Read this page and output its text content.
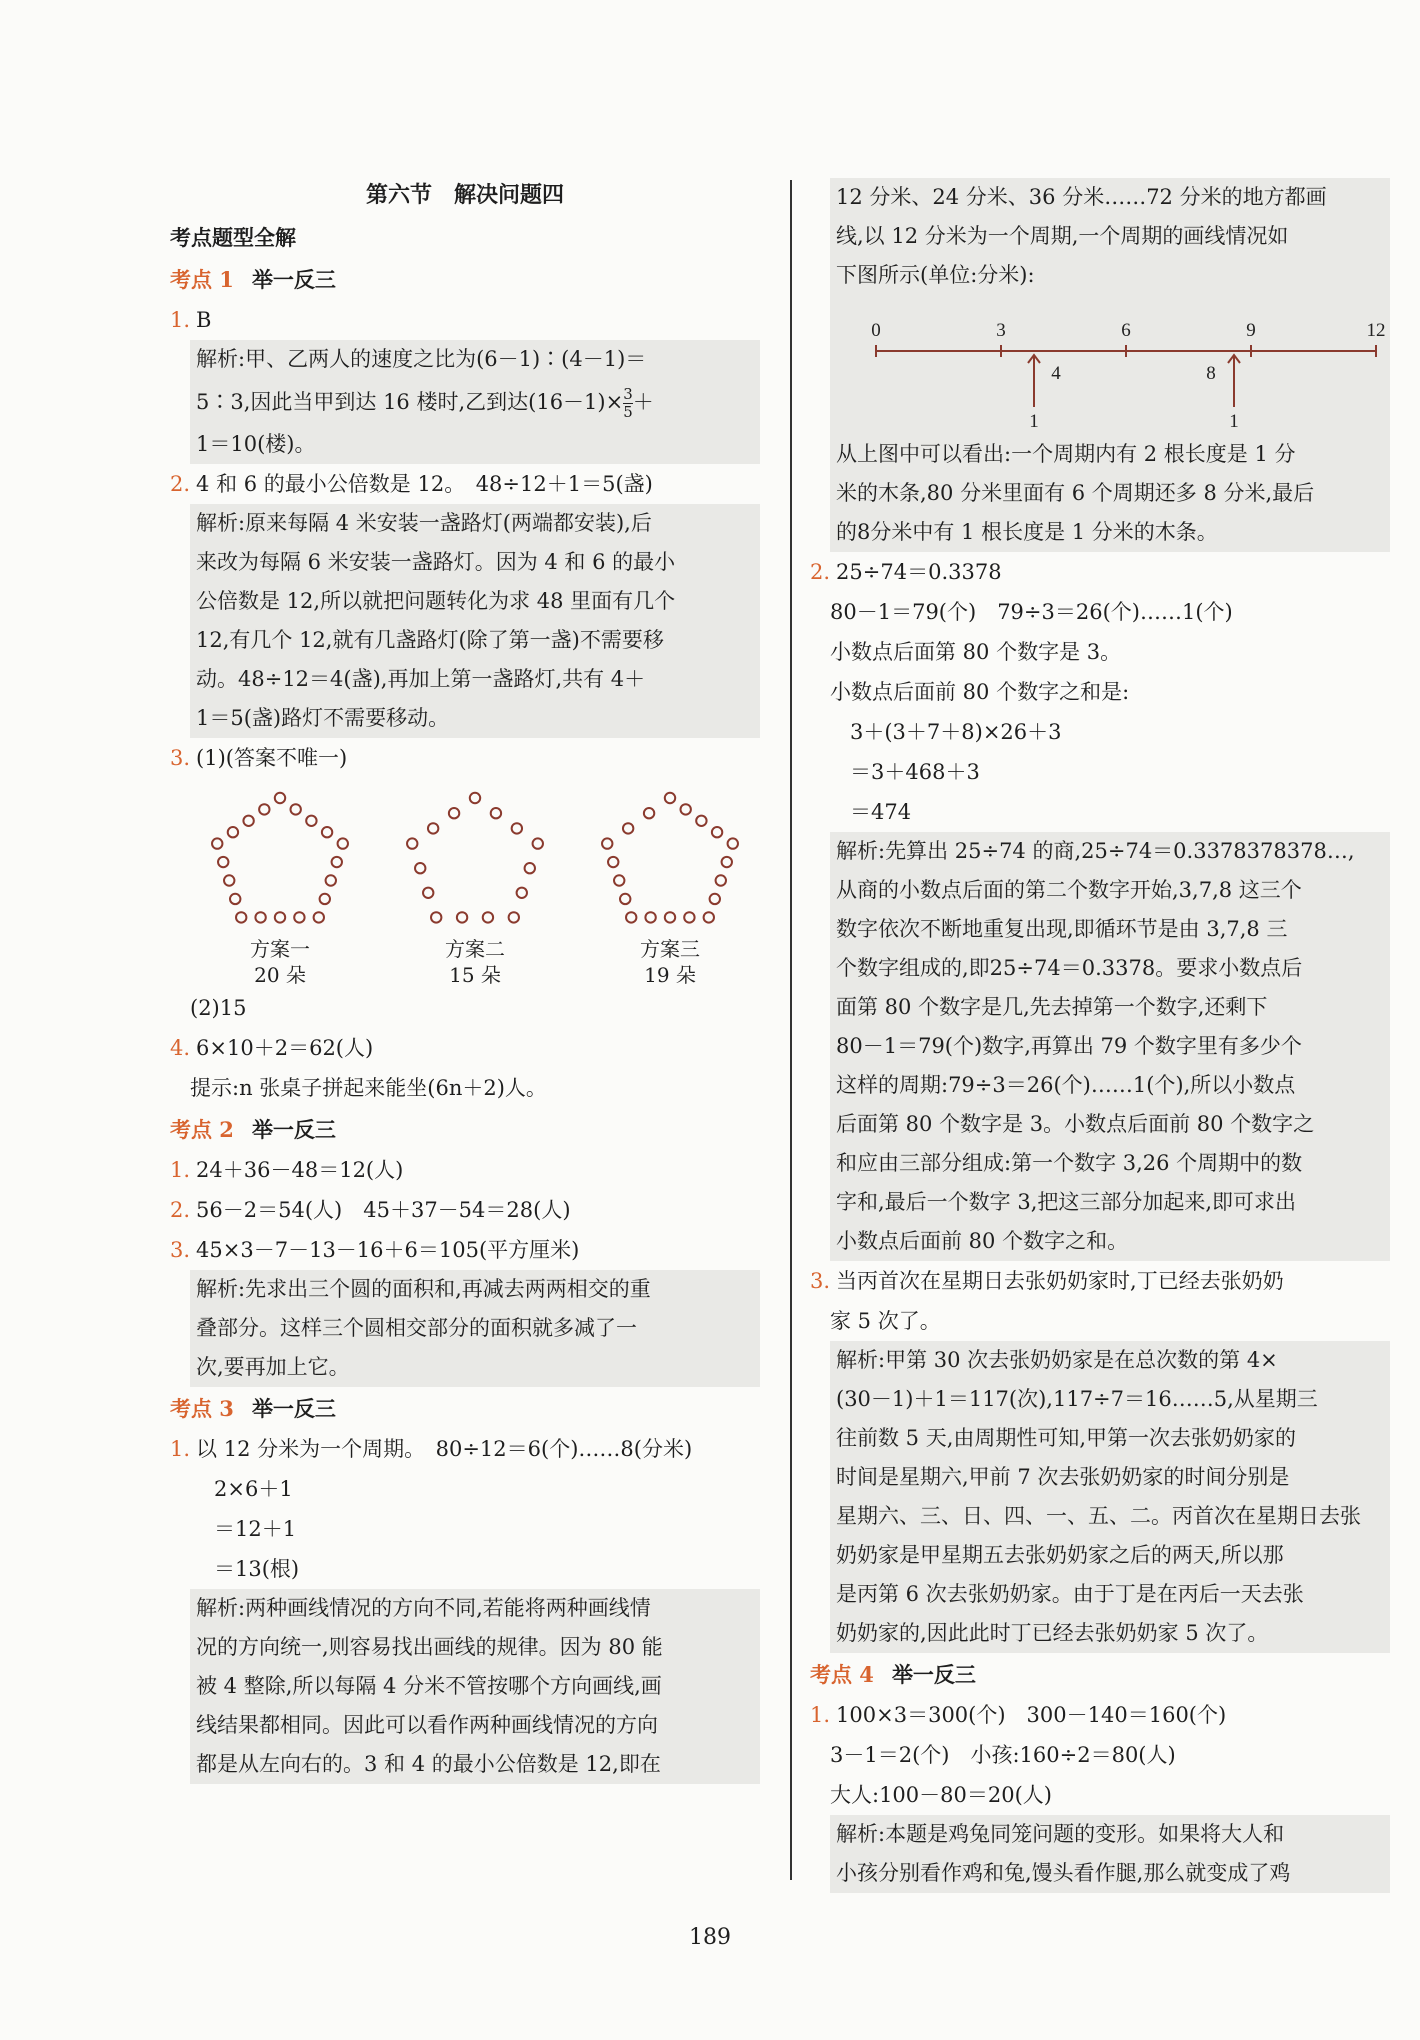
第六节　解决问题四
考点题型全解
考点 1 举一反三
1. B
解析:甲、乙两人的速度之比为(6－1)∶(4－1)＝
5∶3,因此当甲到达 16 楼时,乙到达$(16-1)\times \frac{3}{5}$ ＋
1＝10(楼)。
2. 4 和 6 的最小公倍数是 12。　48÷12＋1＝5(盏)
解析:原来每隔 4 米安装一盏路灯(两端都安装),后
来改为每隔 6 米安装一盏路灯。因为 4 和 6 的最小
公倍数是 12,所以就把问题转化为求 48 里面有几个
12,有几个 12,就有几盏路灯(除了第一盏)不需要移
动。48÷12＝4(盏),再加上第一盏路灯,共有 4＋
1＝5(盏)路灯不需要移动。
3. (1)(答案不唯一)
方案一
20 朵
方案二
15 朵
方案三
19 朵
(2)15
4. 6×10＋2＝62(人)
提示:n 张桌子拼起来能坐(6n＋2)人。
考点 2 举一反三
1. 24＋36－48＝12(人)
2. 56－2＝54(人)　45＋37－54＝28(人)
3. 45×3－7－13－16＋6＝105(平方厘米)
解析:先求出三个圆的面积和,再减去两两相交的重
叠部分。这样三个圆相交部分的面积就多减了一
次,要再加上它。
考点 3 举一反三
1. 以 12 分米为一个周期。　80÷12＝6(个)……8(分米)
2×6＋1
＝12＋1
＝13(根)
解析:两种画线情况的方向不同,若能将两种画线情
况的方向统一,则容易找出画线的规律。因为 80 能
被 4 整除,所以每隔 4 分米不管按哪个方向画线,画
线结果都相同。因此可以看作两种画线情况的方向
都是从左向右的。3 和 4 的最小公倍数是 12,即在
12 分米、24 分米、36 分米……72 分米的地方都画
线,以 12 分米为一个周期,一个周期的画线情况如
下图所示(单位:分米):
0	3	6	9	12
4	8
1	1
从上图中可以看出:一个周期内有 2 根长度是 1 分
米的木条,80 分米里面有 6 个周期还多 8 分米,最后
的8分米中有 1 根长度是 1 分米的木条。
2. 25÷74＝0.3378
80－1＝79(个)　79÷3＝26(个)……1(个)
小数点后面第 80 个数字是 3。
小数点后面前 80 个数字之和是:
3＋(3＋7＋8)×26＋3
＝3＋468＋3
＝474
解析:先算出 25÷74 的商,25÷74＝0.3378378378…,
从商的小数点后面的第二个数字开始,3,7,8 这三个
数字依次不断地重复出现,即循环节是由 3,7,8 三
个数字组成的,即25÷74＝0.3378。要求小数点后
面第 80 个数字是几,先去掉第一个数字,还剩下
80－1＝79(个)数字,再算出 79 个数字里有多少个
这样的周期:79÷3＝26(个)……1(个),所以小数点
后面第 80 个数字是 3。小数点后面前 80 个数字之
和应由三部分组成:第一个数字 3,26 个周期中的数
字和,最后一个数字 3,把这三部分加起来,即可求出
小数点后面前 80 个数字之和。
3. 当丙首次在星期日去张奶奶家时,丁已经去张奶奶
家 5 次了。
解析:甲第 30 次去张奶奶家是在总次数的第 4×
(30－1)＋1＝117(次),117÷7＝16……5,从星期三
往前数 5 天,由周期性可知,甲第一次去张奶奶家的
时间是星期六,甲前 7 次去张奶奶家的时间分别是
星期六、三、日、四、一、五、二。丙首次在星期日去张
奶奶家是甲星期五去张奶奶家之后的两天,所以那
是丙第 6 次去张奶奶家。由于丁是在丙后一天去张
奶奶家的,因此此时丁已经去张奶奶家 5 次了。
考点 4 举一反三
1. 100×3＝300(个)　300－140＝160(个)
3－1＝2(个)　小孩:160÷2＝80(人)
大人:100－80＝20(人)
解析:本题是鸡兔同笼问题的变形。如果将大人和
小孩分别看作鸡和兔,馒头看作腿,那么就变成了鸡
189
